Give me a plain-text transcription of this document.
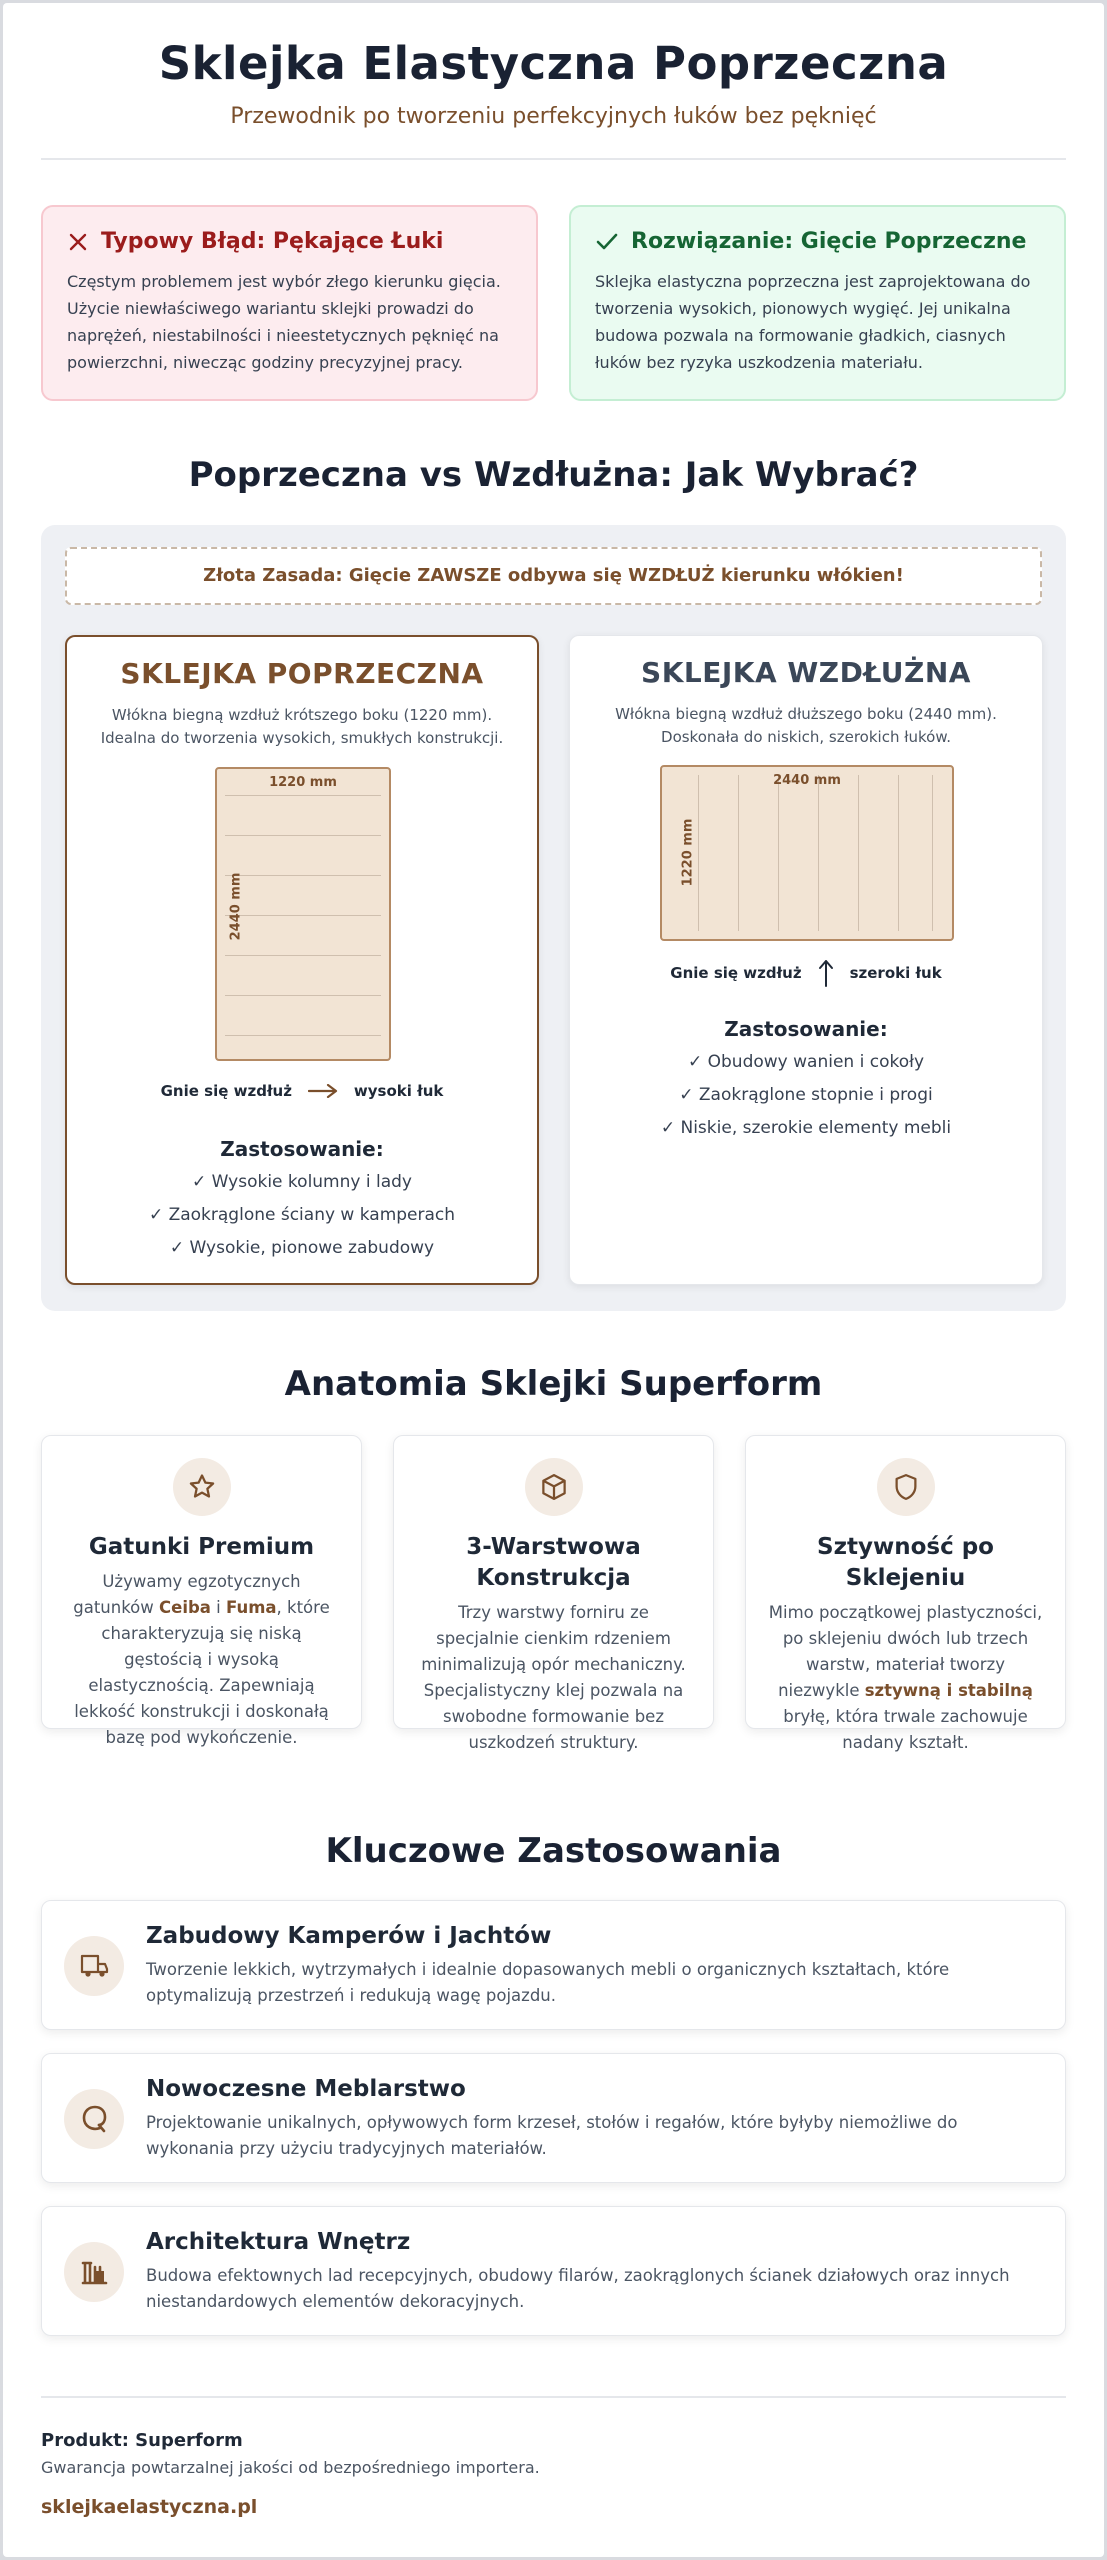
Sklejka Elastyczna Poprzeczna

Przewodnik po tworzeniu perfekcyjnych łuków bez pęknięć

Typowy Błąd: Pękające Łuki

Częstym problemem jest wybór złego kierunku gięcia. Użycie niewłaściwego wariantu sklejki prowadzi do naprężeń, niestabilności i nieestetycznych pęknięć na powierzchni, niwecząc godziny precyzyjnej pracy.

Rozwiązanie: Gięcie Poprzeczne

Sklejka elastyczna poprzeczna jest zaprojektowana do tworzenia wysokich, pionowych wygięć. Jej unikalna budowa pozwala na formowanie gładkich, ciasnych łuków bez ryzyka uszkodzenia materiału.

Poprzeczna vs Wzdłużna: Jak Wybrać?
Złota Zasada: Gięcie ZAWSZE odbywa się WZDŁUŻ kierunku włókien!
SKLEJKA POPRZECZNA
Włókna biegną wzdłuż krótszego boku (1220 mm).
Idealna do tworzenia wysokich, smukłych konstrukcji.
1220 mm
2440 mm
Gnie się wzdłuż	wysoki łuk
Zastosowanie:
✓ Wysokie kolumny i lady
✓ Zaokrąglone ściany w kamperach
✓ Wysokie, pionowe zabudowy
SKLEJKA WZDŁUŻNA
Włókna biegną wzdłuż dłuższego boku (2440 mm).
Doskonała do niskich, szerokich łuków.
2440 mm
1220 mm
Gnie się wzdłuż	szeroki łuk
Zastosowanie:
✓ Obudowy wanien i cokoły
✓ Zaokrąglone stopnie i progi
✓ Niskie, szerokie elementy mebli
Anatomia Sklejki Superform
Gatunki Premium

Używamy egzotycznych gatunków Ceiba i Fuma, które charakteryzują się niską gęstością i wysoką elastycznością. Zapewniają lekkość konstrukcji i doskonałą bazę pod wykończenie.

3-Warstwowa
Konstrukcja

Trzy warstwy forniru ze specjalnie cienkim rdzeniem minimalizują opór mechaniczny. Specjalistyczny klej pozwala na swobodne formowanie bez uszkodzeń struktury.

Sztywność po
Sklejeniu

Mimo początkowej plastyczności, po sklejeniu dwóch lub trzech warstw, materiał tworzy niezwykle sztywną i stabilną bryłę, która trwale zachowuje nadany kształt.

Kluczowe Zastosowania
Zabudowy Kamperów i Jachtów

Tworzenie lekkich, wytrzymałych i idealnie dopasowanych mebli o organicznych kształtach, które optymalizują przestrzeń i redukują wagę pojazdu.

Nowoczesne Meblarstwo

Projektowanie unikalnych, opływowych form krzeseł, stołów i regałów, które byłyby niemożliwe do wykonania przy użyciu tradycyjnych materiałów.

Architektura Wnętrz

Budowa efektownych lad recepcyjnych, obudowy filarów, zaokrąglonych ścianek działowych oraz innych niestandardowych elementów dekoracyjnych.

Produkt: Superform
Gwarancja powtarzalnej jakości od bezpośredniego importera.
sklejkaelastyczna.pl
